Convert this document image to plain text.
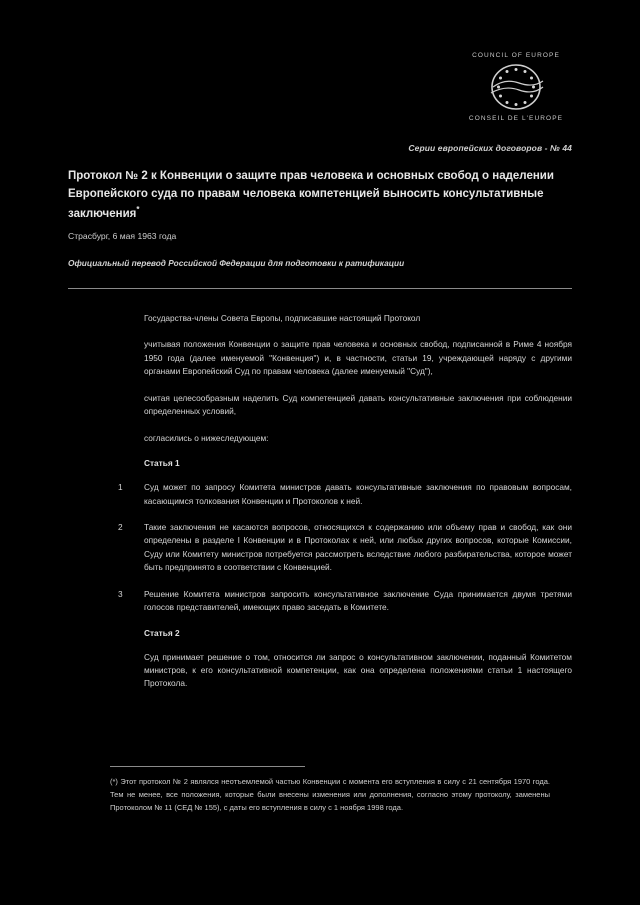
COUNCIL OF EUROPE
CONSEIL DE L'EUROPE
Серии европейских договоров - № 44
Протокол № 2 к Конвенции о защите прав человека и основных свобод о наделении Европейского суда по правам человека компетенцией выносить консультативные заключения*
Страсбург, 6 мая 1963 года
Официальный перевод Российской Федерации для подготовки к ратификации
Государства-члены Совета Европы, подписавшие настоящий Протокол
учитывая положения Конвенции о защите прав человека и основных свобод, подписанной в Риме 4 ноября 1950 года (далее именуемой "Конвенция") и, в частности, статьи 19, учреждающей наряду с другими органами Европейский Суд по правам человека (далее именуемый "Суд"),
считая целесообразным наделить Суд компетенцией давать консультативные заключения при соблюдении определенных условий,
согласились о нижеследующем:
Статья 1
1	Суд может по запросу Комитета министров давать консультативные заключения по правовым вопросам, касающимся толкования Конвенции и Протоколов к ней.
2	Такие заключения не касаются вопросов, относящихся к содержанию или объему прав и свобод, как они определены в разделе I Конвенции и в Протоколах к ней, или любых других вопросов, которые Комиссии, Суду или Комитету министров потребуется рассмотреть вследствие любого разбирательства, которое может быть предпринято в соответствии с Конвенцией.
3	Решение Комитета министров запросить консультативное заключение Суда принимается двумя третями голосов представителей, имеющих право заседать в Комитете.
Статья 2
Суд принимает решение о том, относится ли запрос о консультативном заключении, поданный Комитетом министров, к его консультативной компетенции, как она определена положениями статьи 1 настоящего Протокола.
(*) Этот протокол № 2 являлся неотъемлемой частью Конвенции с момента его вступления в силу с 21 сентября 1970 года. Тем не менее, все положения, которые были внесены изменения или дополнения, согласно этому протоколу, заменены Протоколом № 11 (СЕД № 155), с даты его вступления в силу с 1 ноября 1998 года.
